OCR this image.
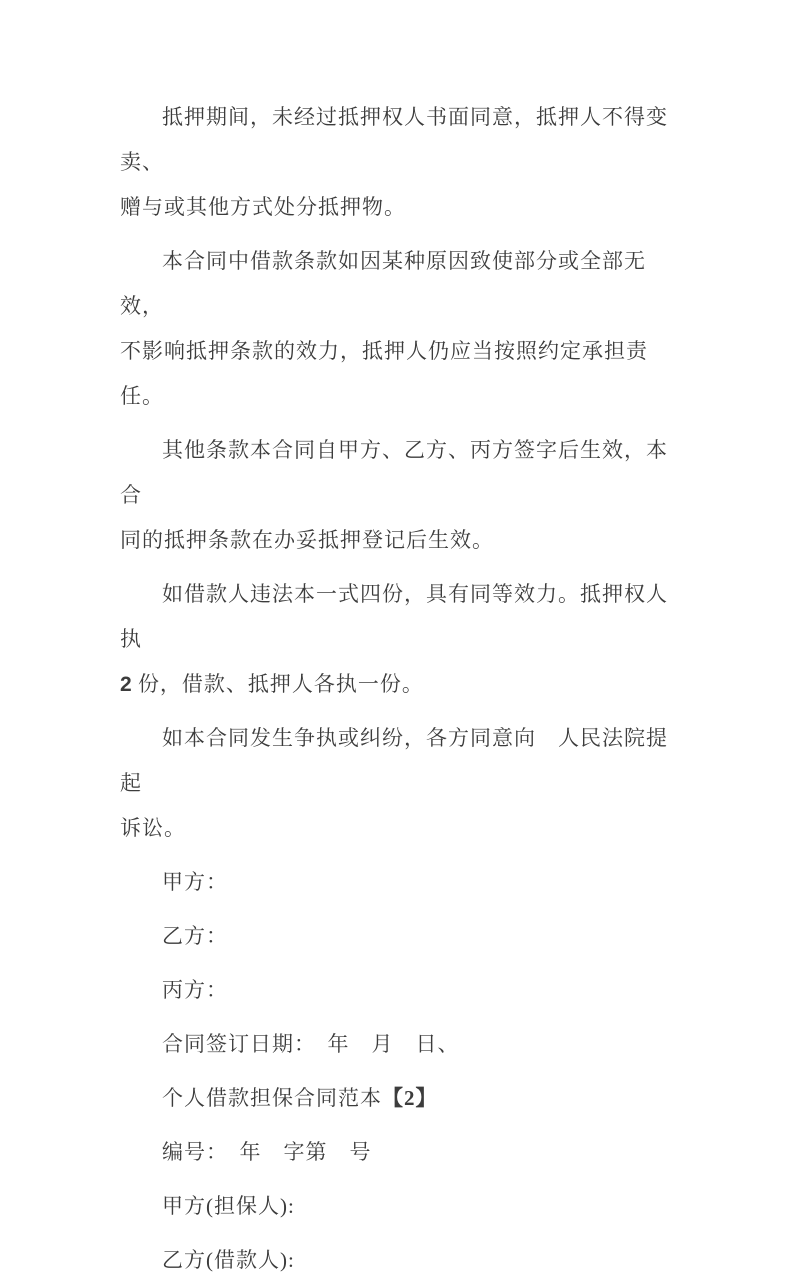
抵押期间，未经过抵押权人书面同意，抵押人不得变卖、
赠与或其他方式处分抵押物。
本合同中借款条款如因某种原因致使部分或全部无效，
不影响抵押条款的效力，抵押人仍应当按照约定承担责任。
其他条款本合同自甲方、乙方、丙方签字后生效，本合
同的抵押条款在办妥抵押登记后生效。
如借款人违法本一式四份，具有同等效力。抵押权人执
2 份，借款、抵押人各执一份。
如本合同发生争执或纠纷，各方同意向　人民法院提起
诉讼。
甲方：
乙方：
丙方：
合同签订日期：　年　月　日、
个人借款担保合同范本【2】
编号：　年　字第　号
甲方(担保人):
乙方(借款人):
